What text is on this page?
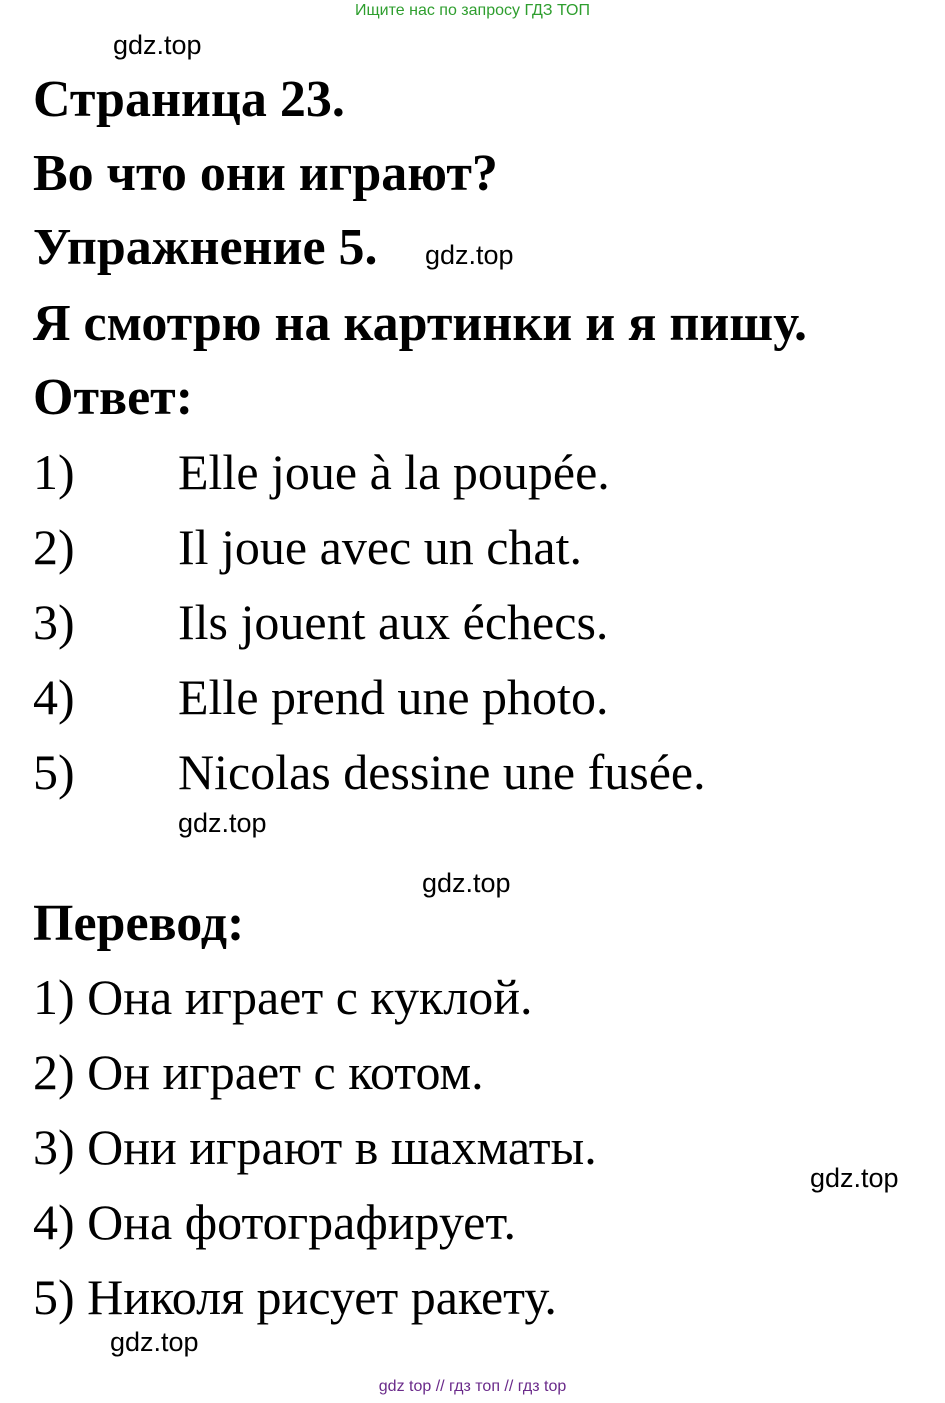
Ищите нас по запросу ГДЗ ТОП
gdz.top
Страница 23.
Во что они играют?
Упражнение 5. gdz.top
Я смотрю на картинки и я пишу.
Ответ:
1) Elle joue à la poupée.
2) Il joue avec un chat.
3) Ils jouent aux échecs.
4) Elle prend une photo.
5) Nicolas dessine une fusée.
gdz.top
gdz.top
Перевод:
1) Она играет с куклой.
2) Он играет с котом.
3) Они играют в шахматы.
4) Она фотографирует.
5) Николя рисует ракету.
gdz.top
gdz.top
gdz top // гдз топ // гдз top
